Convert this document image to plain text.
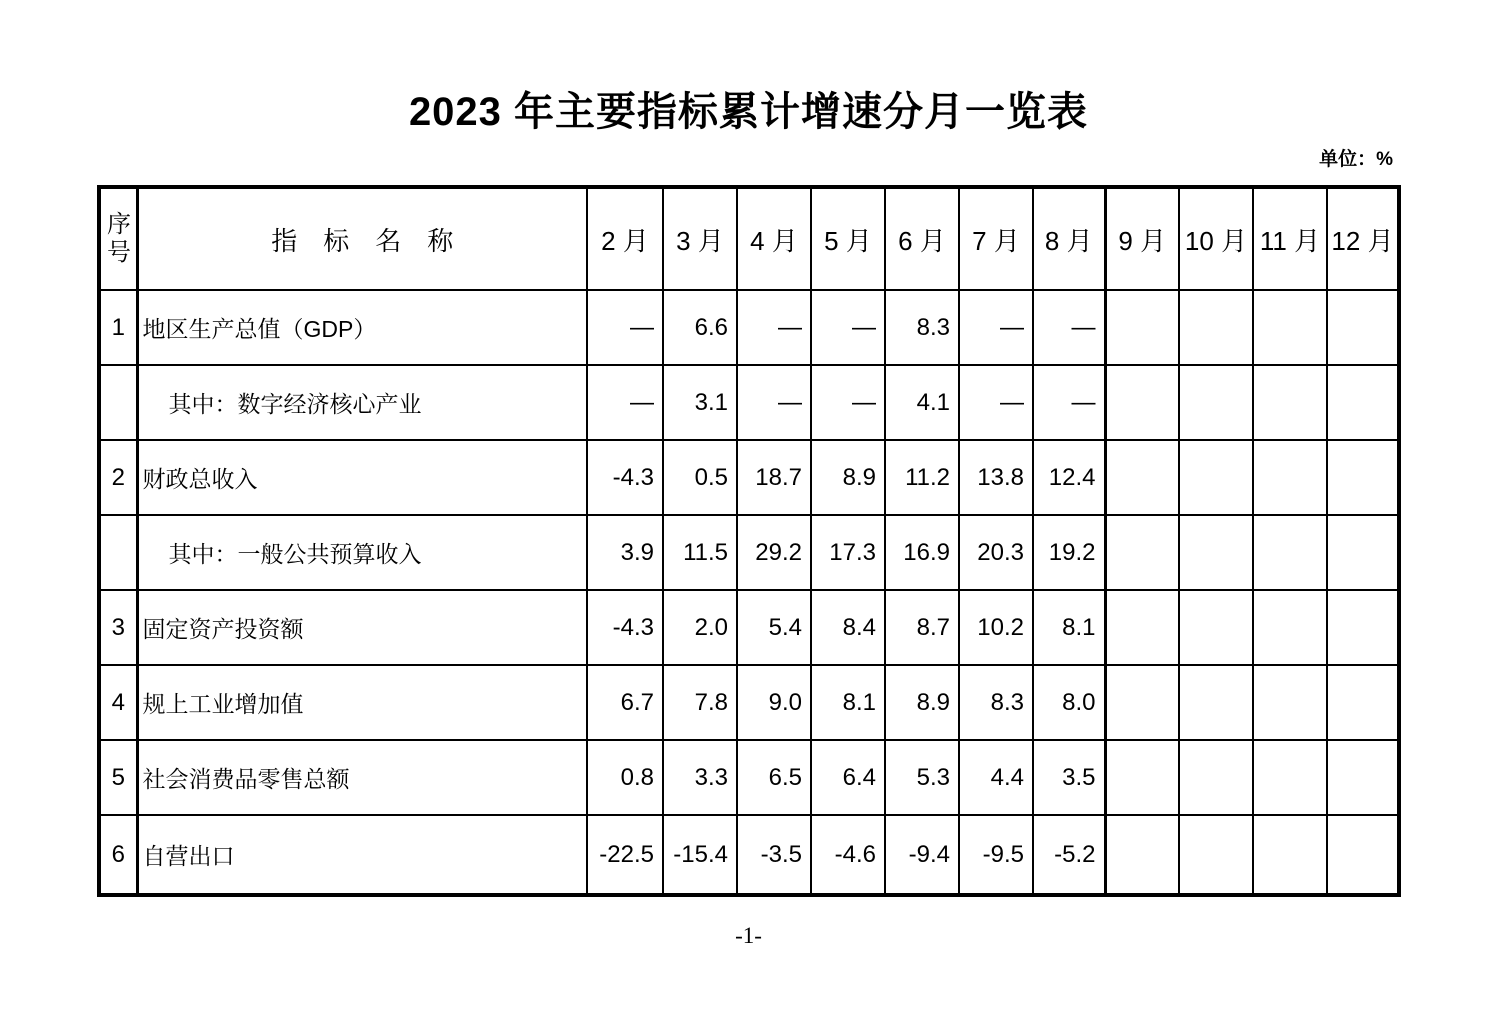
2023 年主要指标累计增速分月一览表
单位：%
序号	指　标　名　称	2 月	3 月	4 月	5 月	6 月	7 月	8 月	9 月	10 月	11 月	12 月
1	地区生产总值（GDP）	—	6.6	—	—	8.3	—	—				
	其中：数字经济核心产业	—	3.1	—	—	4.1	—	—				
2	财政总收入	-4.3	0.5	18.7	8.9	11.2	13.8	12.4				
	其中：一般公共预算收入	3.9	11.5	29.2	17.3	16.9	20.3	19.2				
3	固定资产投资额	-4.3	2.0	5.4	8.4	8.7	10.2	8.1				
4	规上工业增加值	6.7	7.8	9.0	8.1	8.9	8.3	8.0				
5	社会消费品零售总额	0.8	3.3	6.5	6.4	5.3	4.4	3.5				
6	自营出口	-22.5	-15.4	-3.5	-4.6	-9.4	-9.5	-5.2				
-1-
